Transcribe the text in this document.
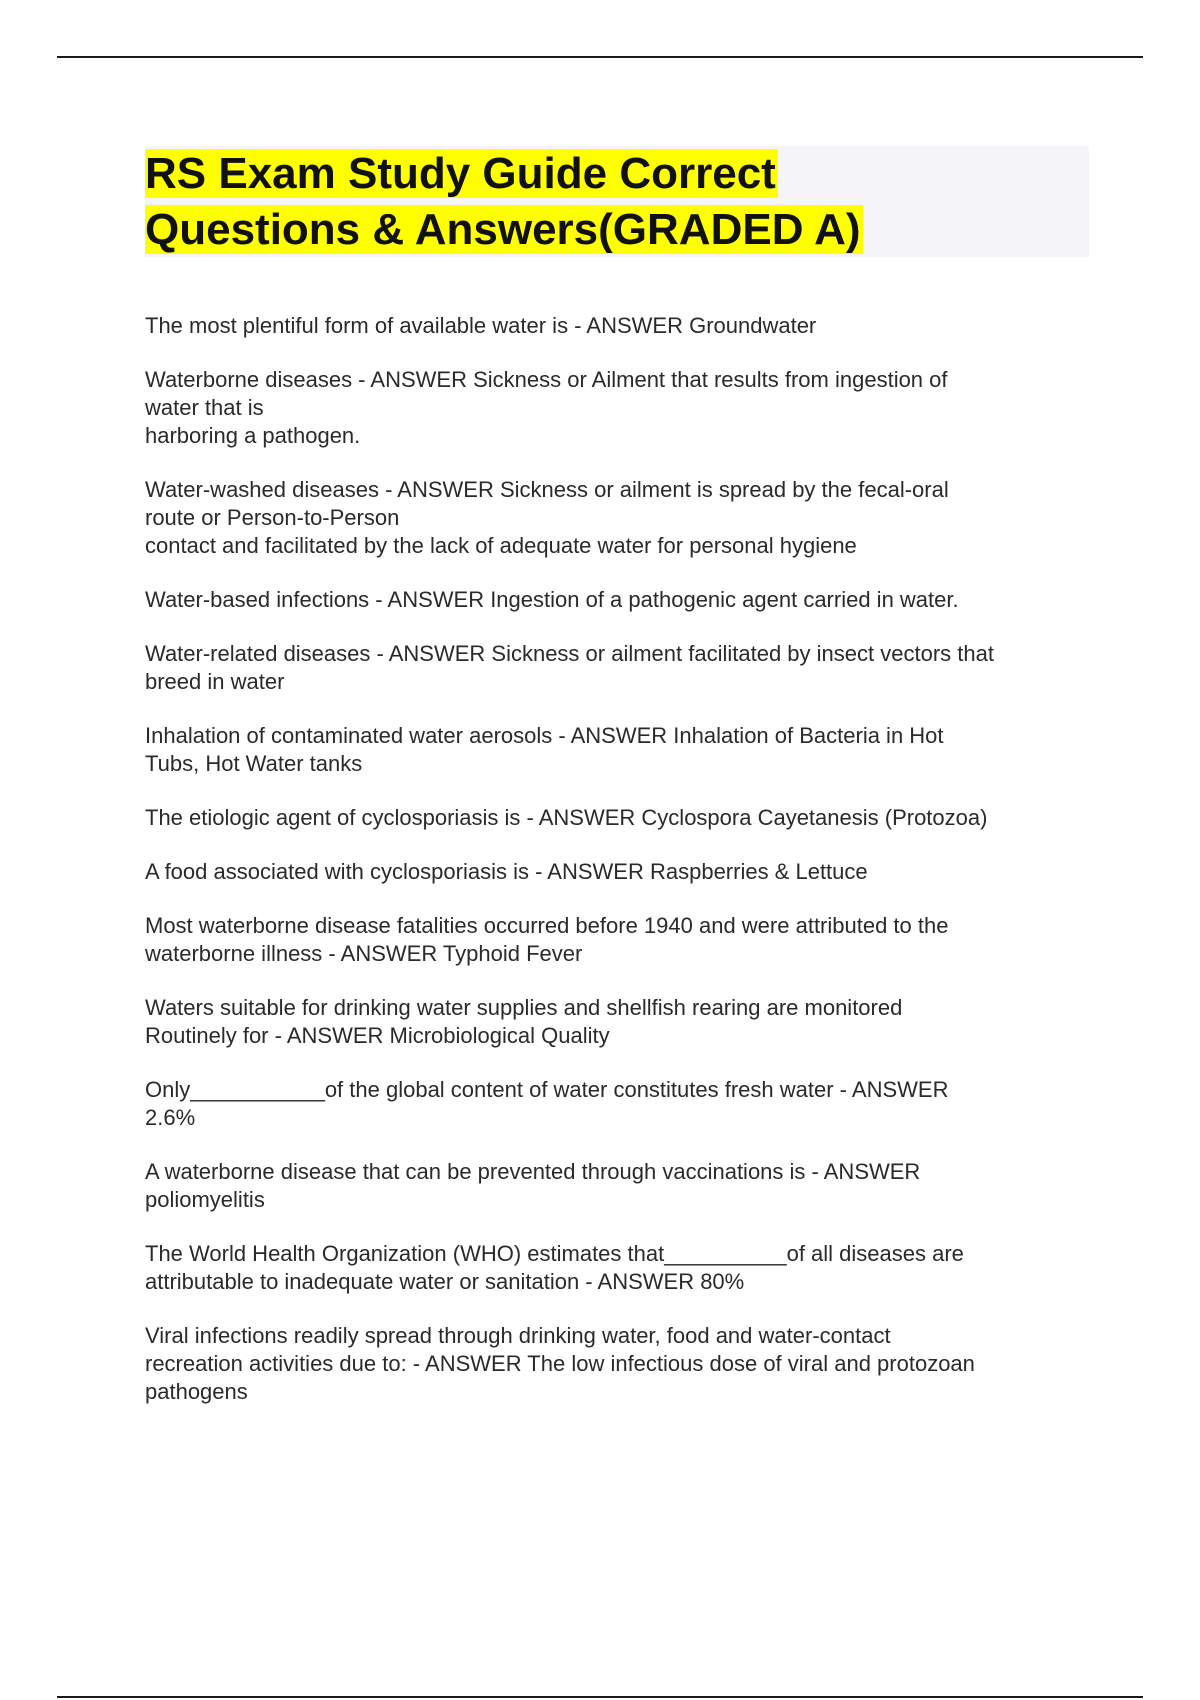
RS Exam Study Guide Correct
Questions & Answers(GRADED A)
The most plentiful form of available water is - ANSWER Groundwater
Waterborne diseases - ANSWER Sickness or Ailment that results from ingestion of
water that is
harboring a pathogen.
Water-washed diseases - ANSWER Sickness or ailment is spread by the fecal-oral
route or Person-to-Person
contact and facilitated by the lack of adequate water for personal hygiene
Water-based infections - ANSWER Ingestion of a pathogenic agent carried in water.
Water-related diseases - ANSWER Sickness or ailment facilitated by insect vectors that
breed in water
Inhalation of contaminated water aerosols - ANSWER Inhalation of Bacteria in Hot
Tubs, Hot Water tanks
The etiologic agent of cyclosporiasis is - ANSWER Cyclospora Cayetanesis (Protozoa)
A food associated with cyclosporiasis is - ANSWER Raspberries & Lettuce
Most waterborne disease fatalities occurred before 1940 and were attributed to the
waterborne illness - ANSWER Typhoid Fever
Waters suitable for drinking water supplies and shellfish rearing are monitored
Routinely for - ANSWER Microbiological Quality
Only___________of the global content of water constitutes fresh water - ANSWER
2.6%
A waterborne disease that can be prevented through vaccinations is - ANSWER
poliomyelitis
The World Health Organization (WHO) estimates that__________of all diseases are
attributable to inadequate water or sanitation - ANSWER 80%
Viral infections readily spread through drinking water, food and water-contact
recreation activities due to: - ANSWER The low infectious dose of viral and protozoan
pathogens
